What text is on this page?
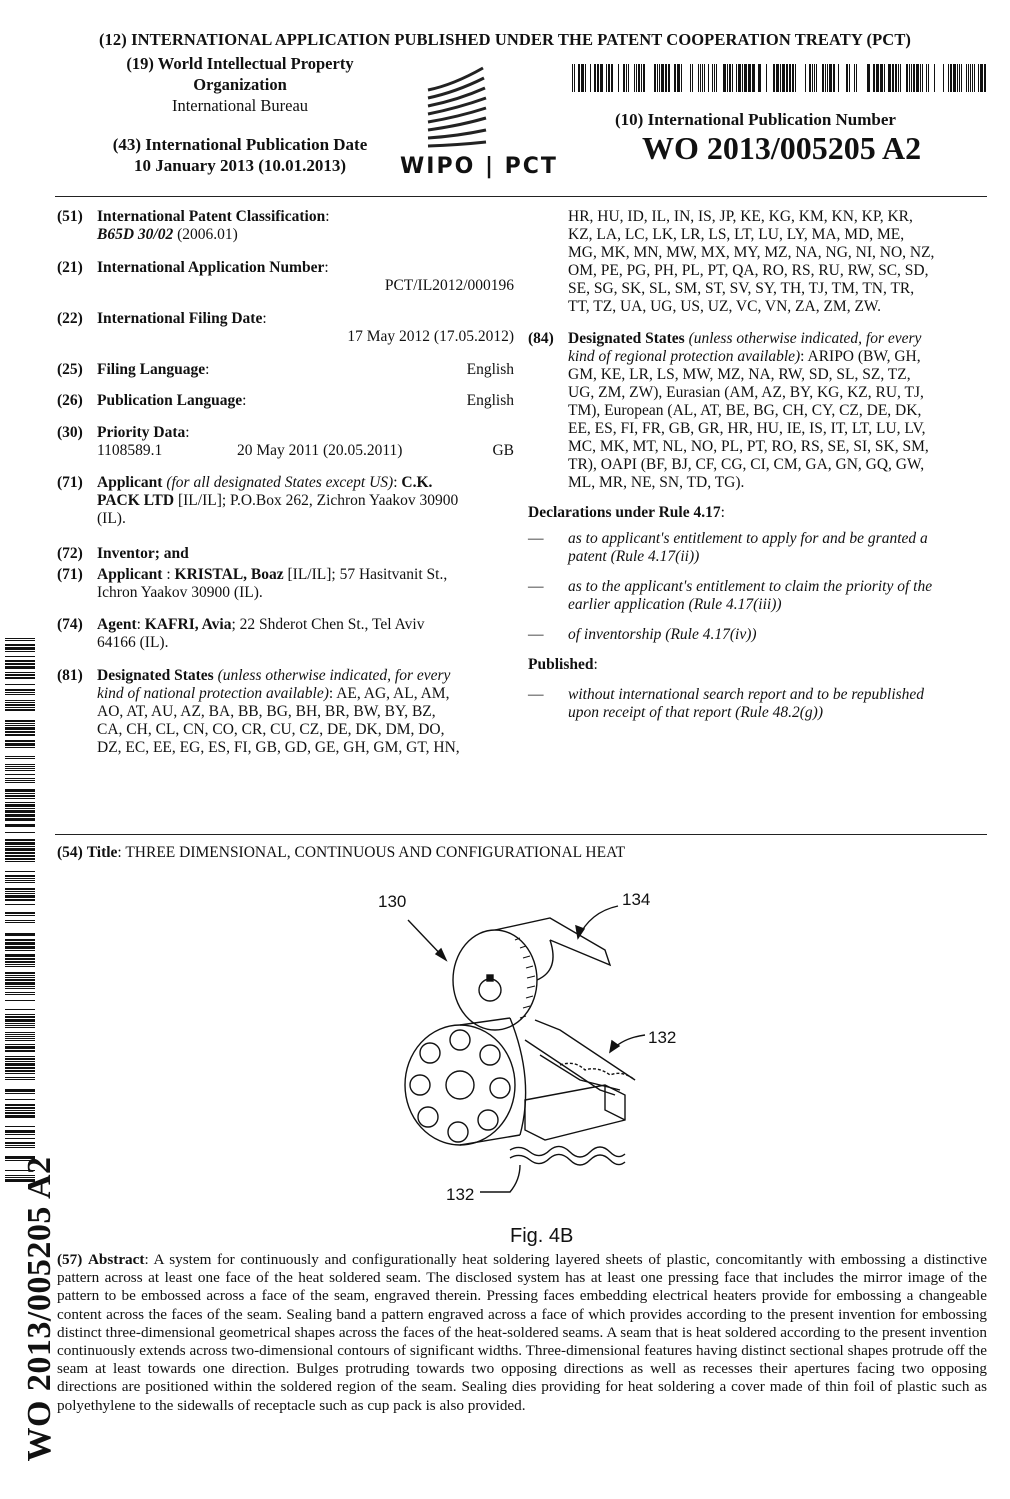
(12) INTERNATIONAL APPLICATION PUBLISHED UNDER THE PATENT COOPERATION TREATY (PCT)
(19) World Intellectual Property
Organization
International Bureau
(43) International Publication Date
10 January 2013 (10.01.2013)	WIPO | PCT
(10) International Publication Number
WO 2013/005205 A2
(51) International Patent Classification:
B65D 30/02 (2006.01)
(21) International Application Number:
PCT/IL2012/000196
(22) International Filing Date:
17 May 2012 (17.05.2012)
(25) Filing Language:	English
(26) Publication Language:	English
(30) Priority Data:
1108589.1	20 May 2011 (20.05.2011)	GB
(71) Applicant (for all designated States except US): C.K.
PACK LTD [IL/IL]; P.O.Box 262, Zichron Yaakov 30900
(IL).
(72) Inventor; and
(71) Applicant : KRISTAL, Boaz [IL/IL]; 57 Hasitvanit St.,
Ichron Yaakov 30900 (IL).
(74) Agent: KAFRI, Avia; 22 Shderot Chen St., Tel Aviv
64166 (IL).
(81) Designated States (unless otherwise indicated, for every
kind of national protection available): AE, AG, AL, AM,
AO, AT, AU, AZ, BA, BB, BG, BH, BR, BW, BY, BZ,
CA, CH, CL, CN, CO, CR, CU, CZ, DE, DK, DM, DO,
DZ, EC, EE, EG, ES, FI, GB, GD, GE, GH, GM, GT, HN,
HR, HU, ID, IL, IN, IS, JP, KE, KG, KM, KN, KP, KR,
KZ, LA, LC, LK, LR, LS, LT, LU, LY, MA, MD, ME,
MG, MK, MN, MW, MX, MY, MZ, NA, NG, NI, NO, NZ,
OM, PE, PG, PH, PL, PT, QA, RO, RS, RU, RW, SC, SD,
SE, SG, SK, SL, SM, ST, SV, SY, TH, TJ, TM, TN, TR,
TT, TZ, UA, UG, US, UZ, VC, VN, ZA, ZM, ZW.
(84) Designated States (unless otherwise indicated, for every
kind of regional protection available): ARIPO (BW, GH,
GM, KE, LR, LS, MW, MZ, NA, RW, SD, SL, SZ, TZ,
UG, ZM, ZW), Eurasian (AM, AZ, BY, KG, KZ, RU, TJ,
TM), European (AL, AT, BE, BG, CH, CY, CZ, DE, DK,
EE, ES, FI, FR, GB, GR, HR, HU, IE, IS, IT, LT, LU, LV,
MC, MK, MT, NL, NO, PL, PT, RO, RS, SE, SI, SK, SM,
TR), OAPI (BF, BJ, CF, CG, CI, CM, GA, GN, GQ, GW,
ML, MR, NE, SN, TD, TG).
Declarations under Rule 4.17:
— as to applicant's entitlement to apply for and be granted a
patent (Rule 4.17(ii))
— as to the applicant's entitlement to claim the priority of the
earlier application (Rule 4.17(iii))
— of inventorship (Rule 4.17(iv))
Published:
— without international search report and to be republished
upon receipt of that report (Rule 48.2(g))
(54) Title: THREE DIMENSIONAL, CONTINUOUS AND CONFIGURATIONAL HEAT
130	134
132
132
Fig. 4B
(57) Abstract: A system for continuously and configurationally heat soldering layered sheets of plastic, concomitantly with embossing a distinctive pattern across at least one face of the heat soldered seam. The disclosed system has at least one pressing face that includes the mirror image of the pattern to be embossed across a face of the seam, engraved therein. Pressing faces embedding electrical heaters provide for embossing a changeable content across the faces of the seam. Sealing band a pattern engraved across a face of which provides according to the present invention for embossing distinct three-dimensional geometrical shapes across the faces of the heat-soldered seams. A seam that is heat soldered according to the present invention continuously extends across two-dimensional contours of significant widths. Three-dimensional features having distinct sectional shapes protrude off the seam at least towards one direction. Bulges protruding towards two opposing directions as well as recesses their apertures facing two opposing directions are positioned within the soldered region of the seam. Sealing dies providing for heat soldering a cover made of thin foil of plastic such as polyethylene to the sidewalls of receptacle such as cup pack is also provided.
WO 2013/005205 A2
